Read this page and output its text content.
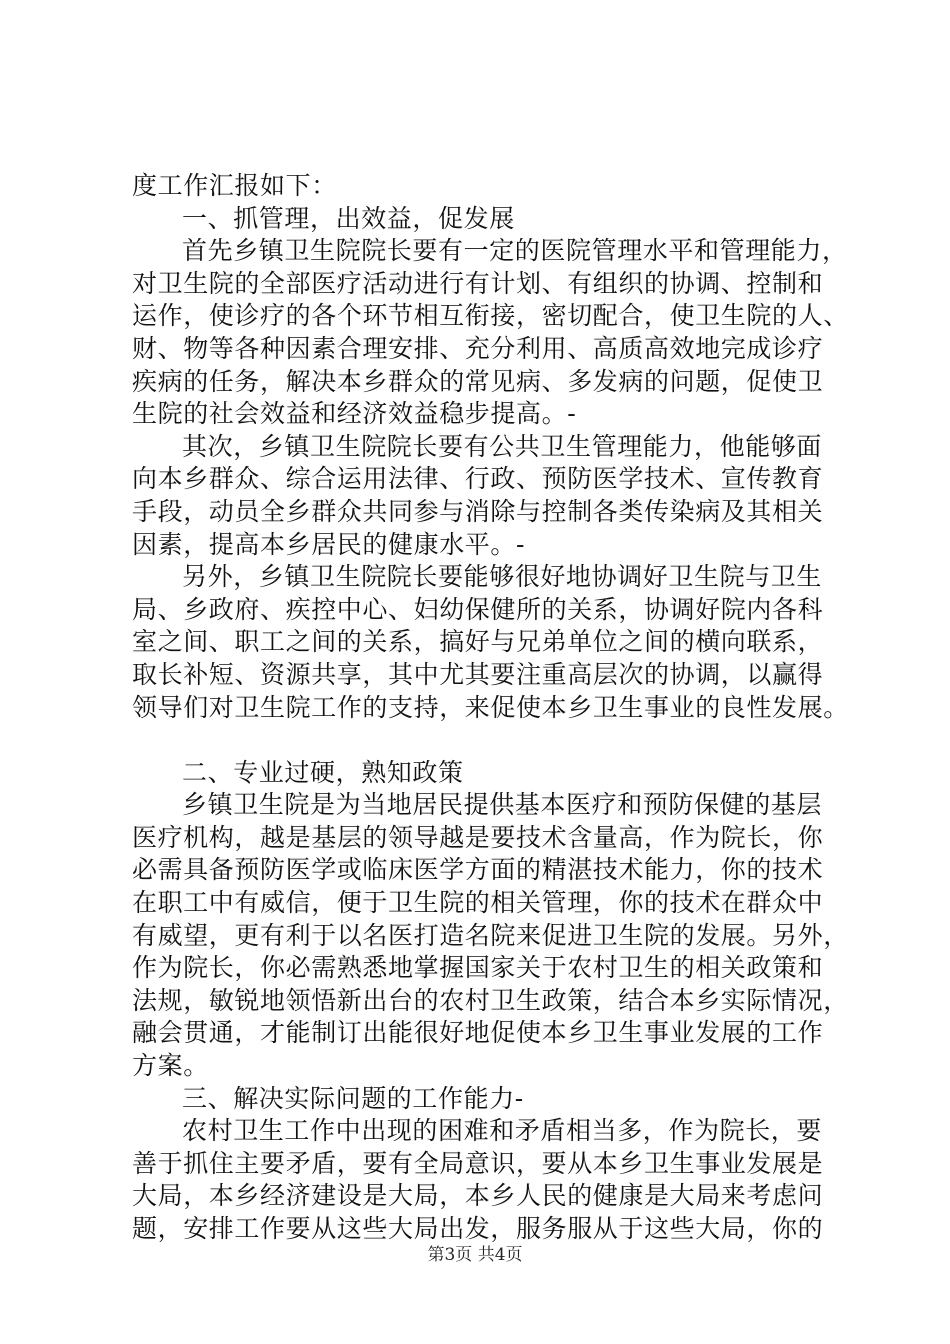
度工作汇报如下：
一、抓管理，出效益，促发展
首先乡镇卫生院院长要有一定的医院管理水平和管理能力，
对卫生院的全部医疗活动进行有计划、有组织的协调、控制和
运作，使诊疗的各个环节相互衔接，密切配合，使卫生院的人、
财、物等各种因素合理安排、充分利用、高质高效地完成诊疗
疾病的任务，解决本乡群众的常见病、多发病的问题，促使卫
生院的社会效益和经济效益稳步提高。-
其次，乡镇卫生院院长要有公共卫生管理能力，他能够面
向本乡群众、综合运用法律、行政、预防医学技术、宣传教育
手段，动员全乡群众共同参与消除与控制各类传染病及其相关
因素，提高本乡居民的健康水平。-
另外，乡镇卫生院院长要能够很好地协调好卫生院与卫生
局、乡政府、疾控中心、妇幼保健所的关系，协调好院内各科
室之间、职工之间的关系，搞好与兄弟单位之间的横向联系，
取长补短、资源共享，其中尤其要注重高层次的协调，以赢得
领导们对卫生院工作的支持，来促使本乡卫生事业的良性发展。
二、专业过硬，熟知政策
乡镇卫生院是为当地居民提供基本医疗和预防保健的基层
医疗机构，越是基层的领导越是要技术含量高，作为院长，你
必需具备预防医学或临床医学方面的精湛技术能力，你的技术
在职工中有威信，便于卫生院的相关管理，你的技术在群众中
有威望，更有利于以名医打造名院来促进卫生院的发展。另外，
作为院长，你必需熟悉地掌握国家关于农村卫生的相关政策和
法规，敏锐地领悟新出台的农村卫生政策，结合本乡实际情况，
融会贯通，才能制订出能很好地促使本乡卫生事业发展的工作
方案。
三、解决实际问题的工作能力-
农村卫生工作中出现的困难和矛盾相当多，作为院长，要
善于抓住主要矛盾，要有全局意识，要从本乡卫生事业发展是
大局，本乡经济建设是大局，本乡人民的健康是大局来考虑问
题，安排工作要从这些大局出发，服务服从于这些大局，你的
第3页 共4页
